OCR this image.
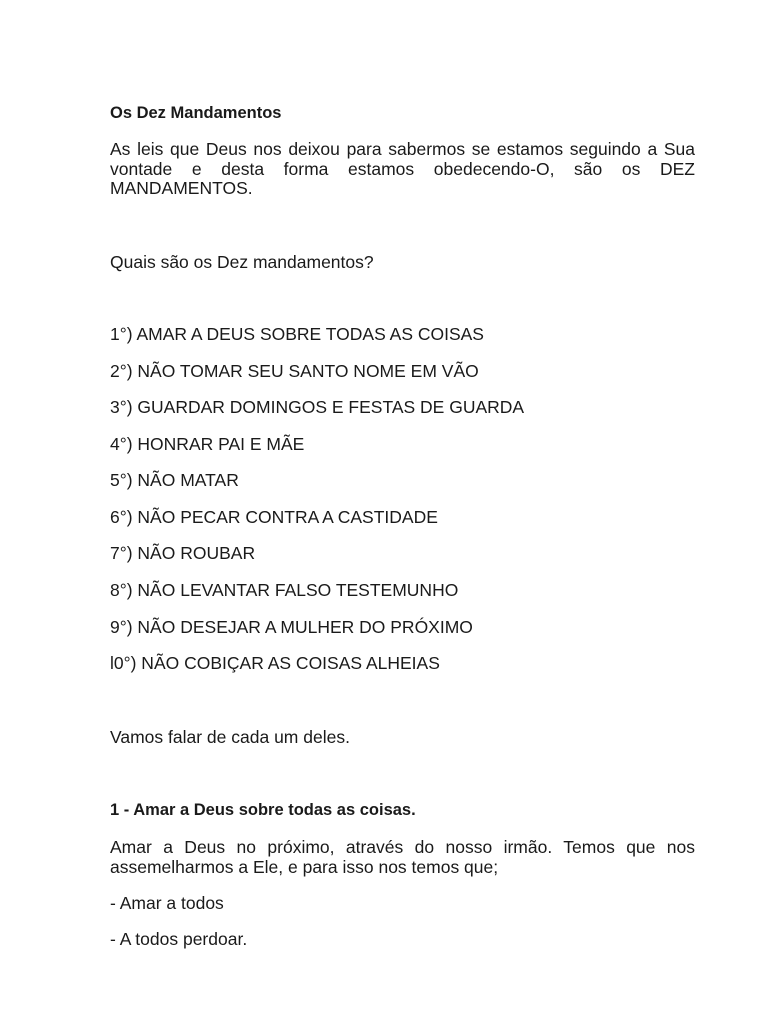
Os Dez Mandamentos

As leis que Deus nos deixou para sabermos se estamos seguindo a Sua
vontade e desta forma estamos obedecendo-O, são os DEZ
MANDAMENTOS.

Quais são os Dez mandamentos?

1°) AMAR A DEUS SOBRE TODAS AS COISAS

2°) NÃO TOMAR SEU SANTO NOME EM VÃO

3°) GUARDAR DOMINGOS E FESTAS DE GUARDA

4°) HONRAR PAI E MÃE

5°) NÃO MATAR

6°) NÃO PECAR CONTRA A CASTIDADE

7°) NÃO ROUBAR

8°) NÃO LEVANTAR FALSO TESTEMUNHO

9°) NÃO DESEJAR A MULHER DO PRÓXIMO

l0°) NÃO COBIÇAR AS COISAS ALHEIAS

Vamos falar de cada um deles.

1 - Amar a Deus sobre todas as coisas.

Amar a Deus no próximo, através do nosso irmão. Temos que nos
assemelharmos a Ele, e para isso nos temos que;

- Amar a todos

- A todos perdoar.
